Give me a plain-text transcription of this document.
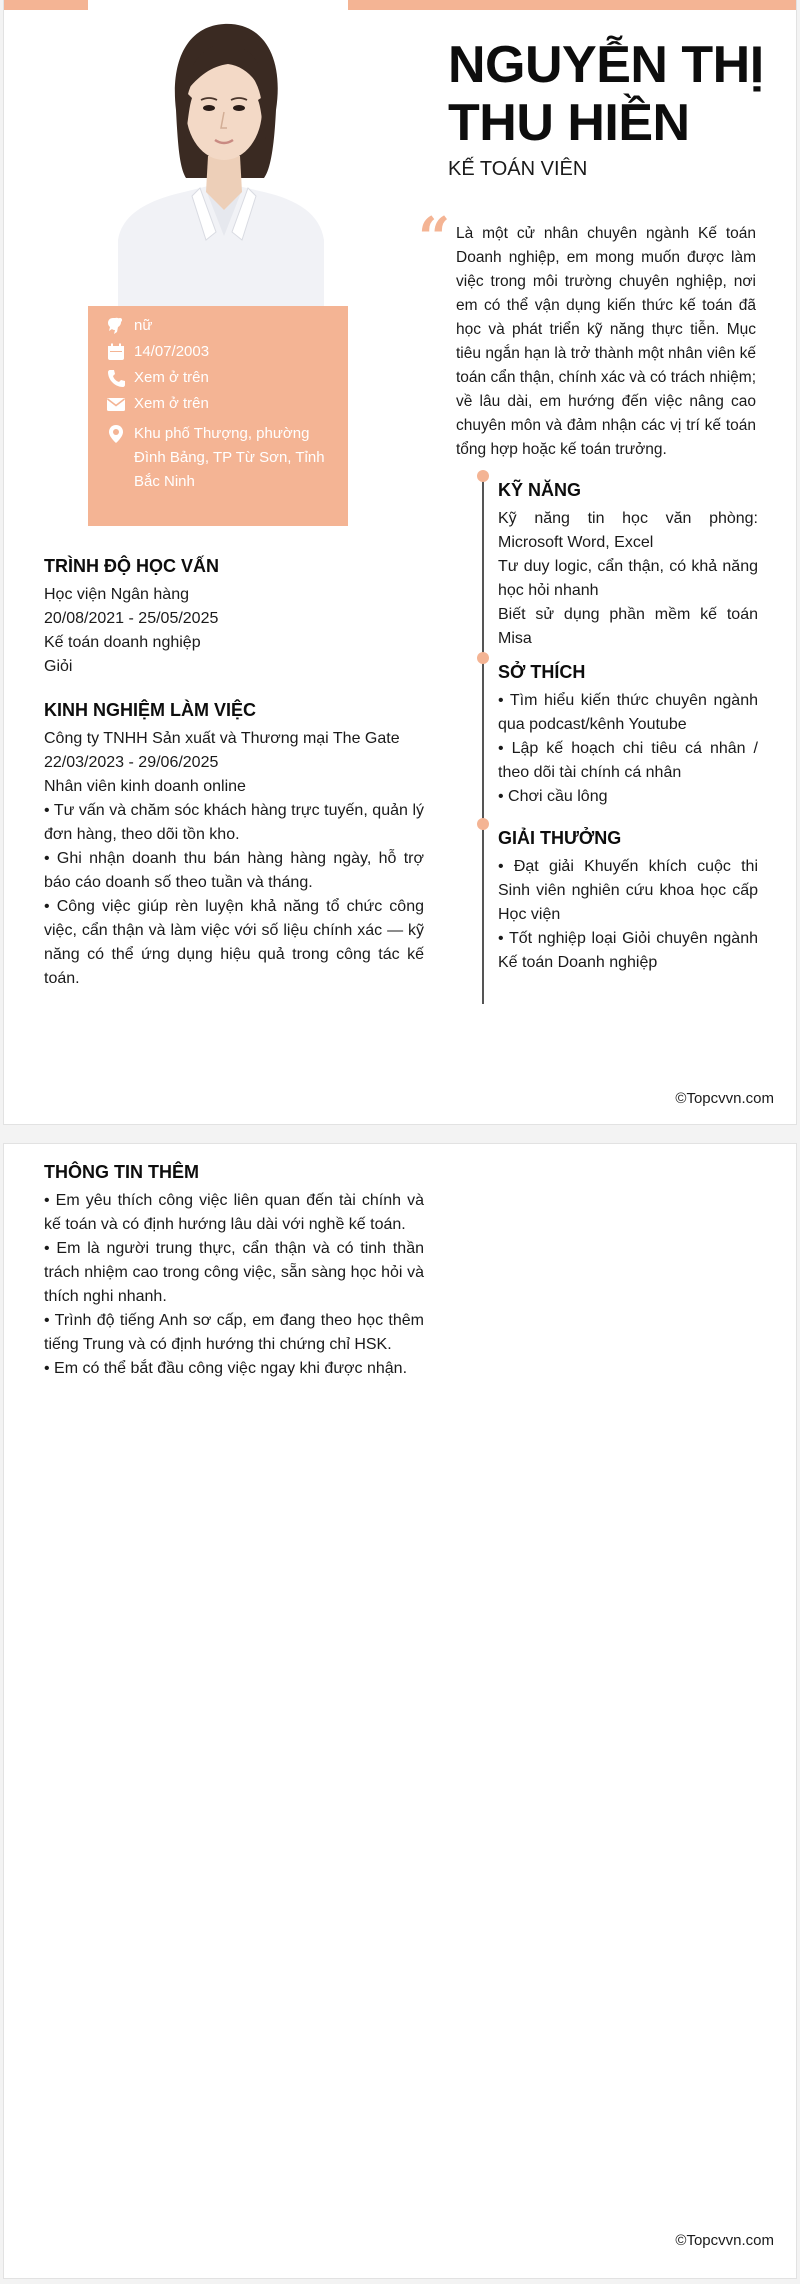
nữ
14/07/2003
Xem ở trên
Xem ở trên
Khu phố Thượng, phường Đình Bảng, TP Từ Sơn, Tỉnh Bắc Ninh
NGUYỄN THỊ
THU HIỀN
KẾ TOÁN VIÊN
“ Là một cử nhân chuyên ngành Kế toán Doanh nghiệp, em mong muốn được làm việc trong môi trường chuyên nghiệp, nơi em có thể vận dụng kiến thức kế toán đã học và phát triển kỹ năng thực tiễn. Mục tiêu ngắn hạn là trở thành một nhân viên kế toán cẩn thận, chính xác và có trách nhiệm; về lâu dài, em hướng đến việc nâng cao chuyên môn và đảm nhận các vị trí kế toán tổng hợp hoặc kế toán trưởng.
TRÌNH ĐỘ HỌC VẤN
Học viện Ngân hàng
20/08/2021 - 25/05/2025
Kế toán doanh nghiệp
Giỏi
KINH NGHIỆM LÀM VIỆC
Công ty TNHH Sản xuất và Thương mại The Gate
22/03/2023 - 29/06/2025
Nhân viên kinh doanh online
• Tư vấn và chăm sóc khách hàng trực tuyến, quản lý đơn hàng, theo dõi tồn kho.
• Ghi nhận doanh thu bán hàng hàng ngày, hỗ trợ báo cáo doanh số theo tuần và tháng.
• Công việc giúp rèn luyện khả năng tổ chức công việc, cẩn thận và làm việc với số liệu chính xác — kỹ năng có thể ứng dụng hiệu quả trong công tác kế toán.
KỸ NĂNG
Kỹ năng tin học văn phòng: Microsoft Word, Excel
Tư duy logic, cẩn thận, có khả năng học hỏi nhanh
Biết sử dụng phần mềm kế toán Misa
SỞ THÍCH
• Tìm hiểu kiến thức chuyên ngành qua podcast/kênh Youtube
• Lập kế hoạch chi tiêu cá nhân / theo dõi tài chính cá nhân
• Chơi cầu lông
GIẢI THƯỞNG
• Đạt giải Khuyến khích cuộc thi Sinh viên nghiên cứu khoa học cấp Học viện
• Tốt nghiệp loại Giỏi chuyên ngành Kế toán Doanh nghiệp
©Topcvvn.com
THÔNG TIN THÊM
• Em yêu thích công việc liên quan đến tài chính và kế toán và có định hướng lâu dài với nghề kế toán.
• Em là người trung thực, cẩn thận và có tinh thần trách nhiệm cao trong công việc, sẵn sàng học hỏi và thích nghi nhanh.
• Trình độ tiếng Anh sơ cấp, em đang theo học thêm tiếng Trung và có định hướng thi chứng chỉ HSK.
• Em có thể bắt đầu công việc ngay khi được nhận.
©Topcvvn.com
